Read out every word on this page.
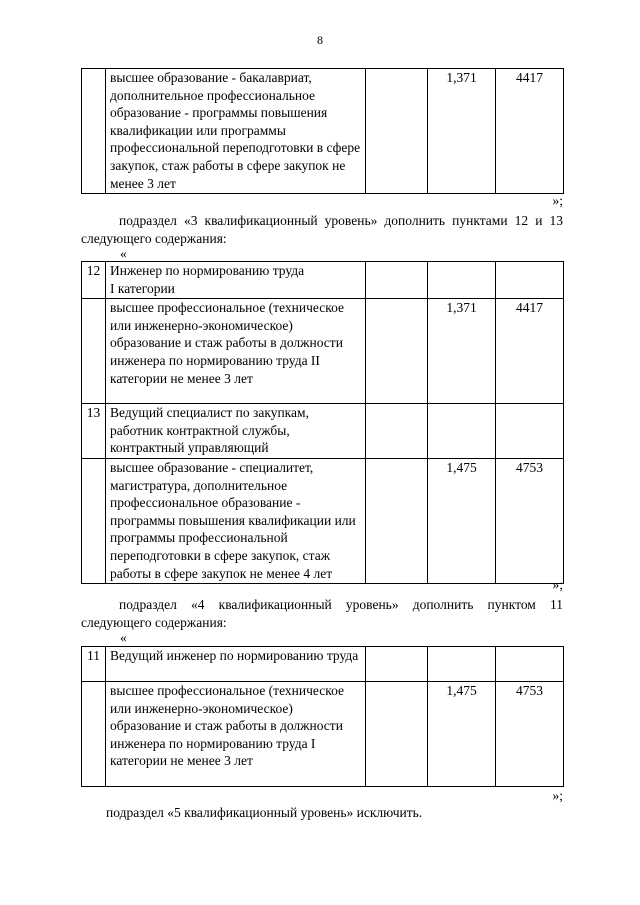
8
	высшее образование - бакалавриат, дополнительное профессиональное образование - программы повышения квалификации или программы профессиональной переподготовки в сфере закупок, стаж работы в сфере закупок не менее 3 лет		1,371	4417
»;
подраздел «3 квалификационный уровень» дополнить пунктами 12 и 13 следующего содержания:
«
12	Инженер по нормированию труда
I категории			
	высшее профессиональное (техническое или инженерно-экономическое) образование и стаж работы в должности инженера по нормированию труда II категории не менее 3 лет		1,371	4417
13	Ведущий специалист по закупкам, работник контрактной службы, контрактный управляющий			
	высшее образование - специалитет, магистратура, дополнительное профессиональное образование - программы повышения квалификации или программы профессиональной переподготовки в сфере закупок, стаж работы в сфере закупок не менее 4 лет		1,475	4753
»;
подраздел «4 квалификационный уровень» дополнить пунктом 11 следующего содержания:
«
11	Ведущий инженер по нормированию труда			
	высшее профессиональное (техническое или инженерно-экономическое) образование и стаж работы в должности инженера по нормированию труда I категории не менее 3 лет		1,475	4753
»;
подраздел «5 квалификационный уровень» исключить.
